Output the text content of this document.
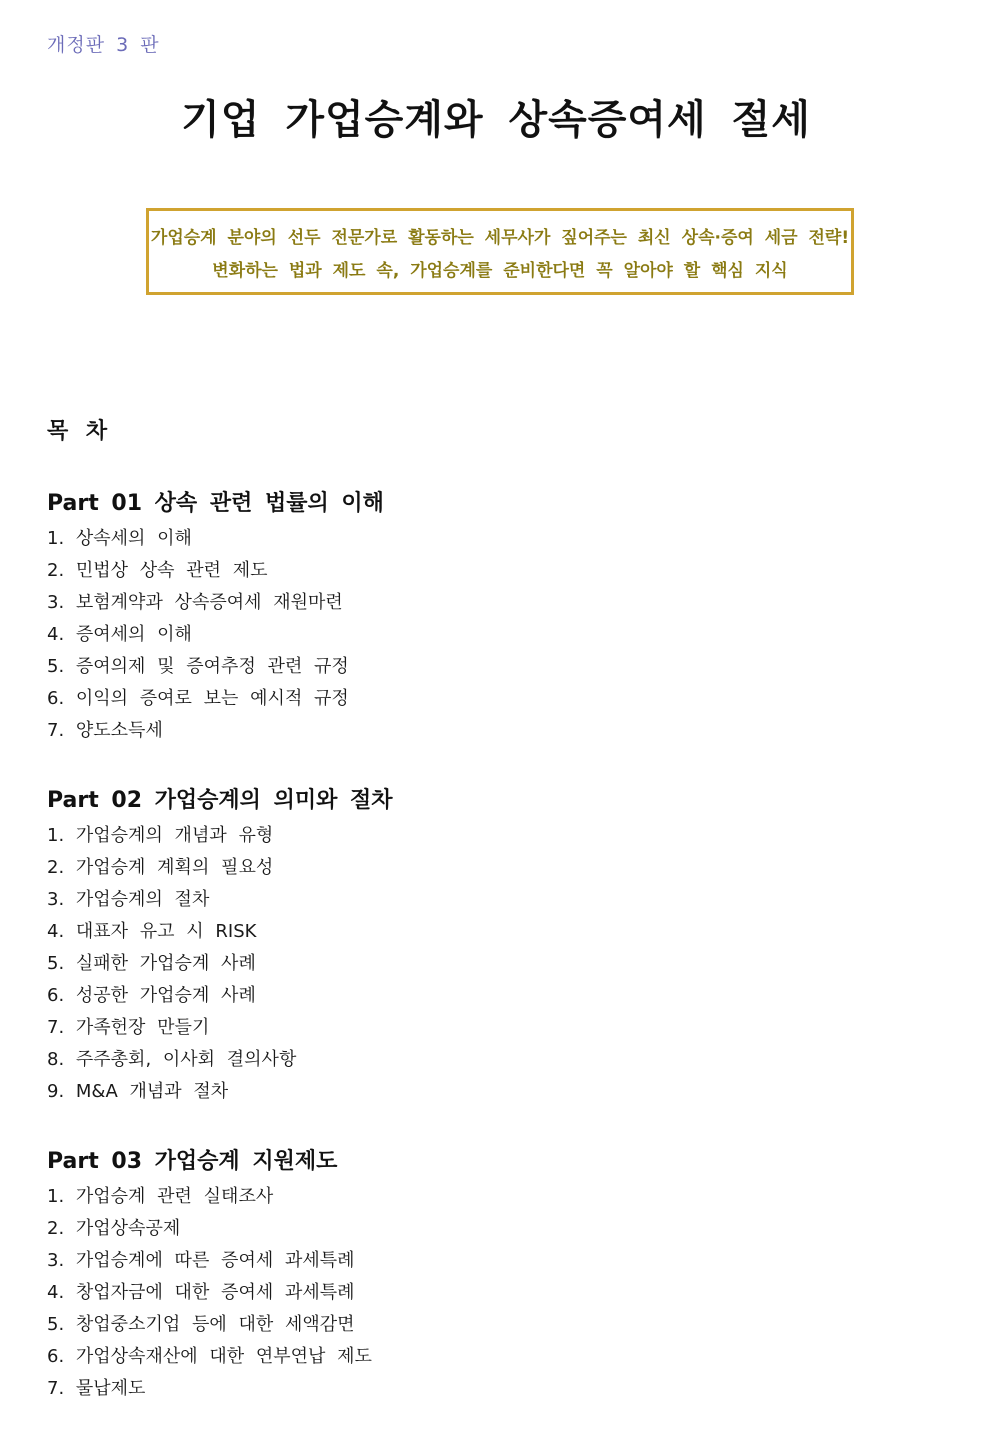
개정판 3 판
기업 가업승계와 상속증여세 절세
가업승계 분야의 선두 전문가로 활동하는 세무사가 짚어주는 최신 상속·증여 세금 전략!
변화하는 법과 제도 속, 가업승계를 준비한다면 꼭 알아야 할 핵심 지식
목 차
Part 01 상속 관련 법률의 이해
1. 상속세의 이해
2. 민법상 상속 관련 제도
3. 보험계약과 상속증여세 재원마련
4. 증여세의 이해
5. 증여의제 및 증여추정 관련 규정
6. 이익의 증여로 보는 예시적 규정
7. 양도소득세
Part 02 가업승계의 의미와 절차
1. 가업승계의 개념과 유형
2. 가업승계 계획의 필요성
3. 가업승계의 절차
4. 대표자 유고 시 RISK
5. 실패한 가업승계 사례
6. 성공한 가업승계 사례
7. 가족헌장 만들기
8. 주주총회, 이사회 결의사항
9. M&A 개념과 절차
Part 03 가업승계 지원제도
1. 가업승계 관련 실태조사
2. 가업상속공제
3. 가업승계에 따른 증여세 과세특례
4. 창업자금에 대한 증여세 과세특례
5. 창업중소기업 등에 대한 세액감면
6. 가업상속재산에 대한 연부연납 제도
7. 물납제도
